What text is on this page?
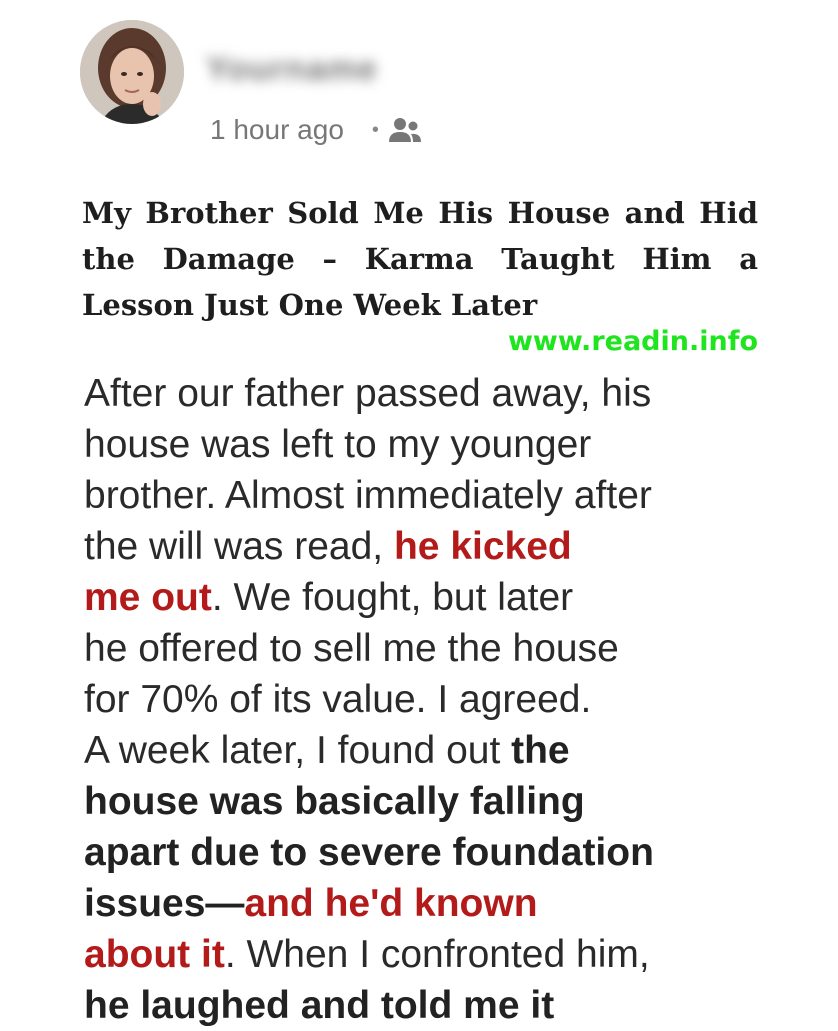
Yourname
1 hour ago •
My Brother Sold Me His House and Hid the Damage – Karma Taught Him a Lesson Just One Week Later
www.readin.info
After our father passed away, his
house was left to my younger
brother. Almost immediately after
the will was read, he kicked
me out. We fought, but later
he offered to sell me the house
for 70% of its value. I agreed.
A week later, I found out the
house was basically falling
apart due to severe foundation
issues—and he'd known
about it. When I confronted him,
he laughed and told me it
